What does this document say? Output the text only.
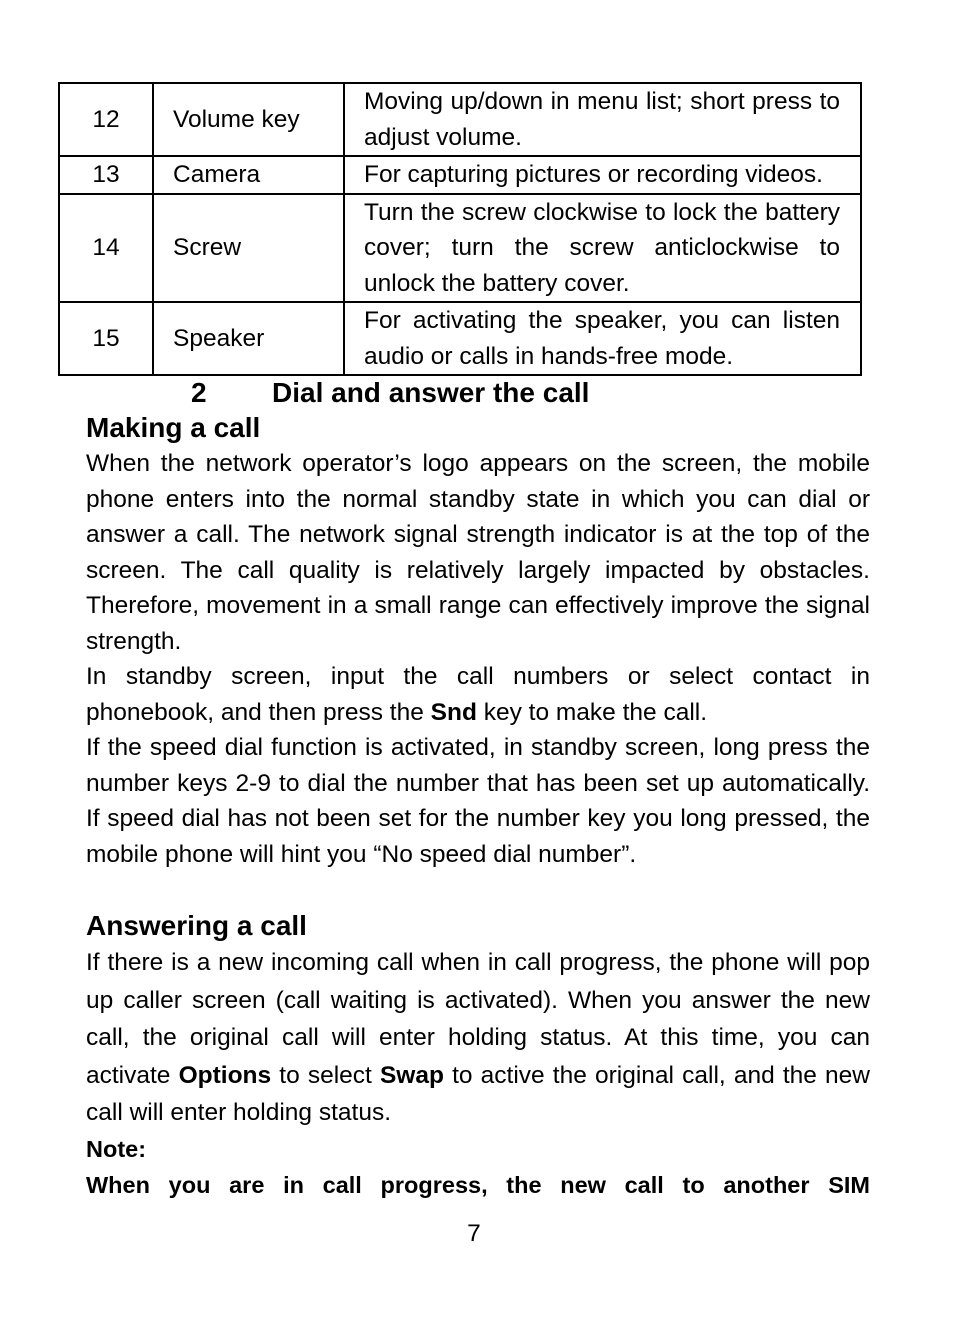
12	Volume key	Moving up/down in menu list; short press to adjust volume.
13	Camera	For capturing pictures or recording videos.
14	Screw	Turn the screw clockwise to lock the battery cover; turn the screw anticlockwise to unlock the battery cover.
15	Speaker	For activating the speaker, you can listen audio or calls in hands-free mode.
2 Dial and answer the call
Making a call

When the network operator’s logo appears on the screen, the mobile phone enters into the normal standby state in which you can dial or answer a call. The network signal strength indicator is at the top of the screen. The call quality is relatively largely impacted by obstacles. Therefore, movement in a small range can effectively improve the signal strength.

In standby screen, input the call numbers or select contact in phonebook, and then press the Snd key to make the call.

If the speed dial function is activated, in standby screen, long press the number keys 2-9 to dial the number that has been set up automatically. If speed dial has not been set for the number key you long pressed, the mobile phone will hint you “No speed dial number”.

Answering a call

If there is a new incoming call when in call progress, the phone will pop up caller screen (call waiting is activated). When you answer the new call, the original call will enter holding status. At this time, you can activate Options to select Swap to active the original call, and the new call will enter holding status.

Note:

When you are in call progress, the new call to another SIM

7
